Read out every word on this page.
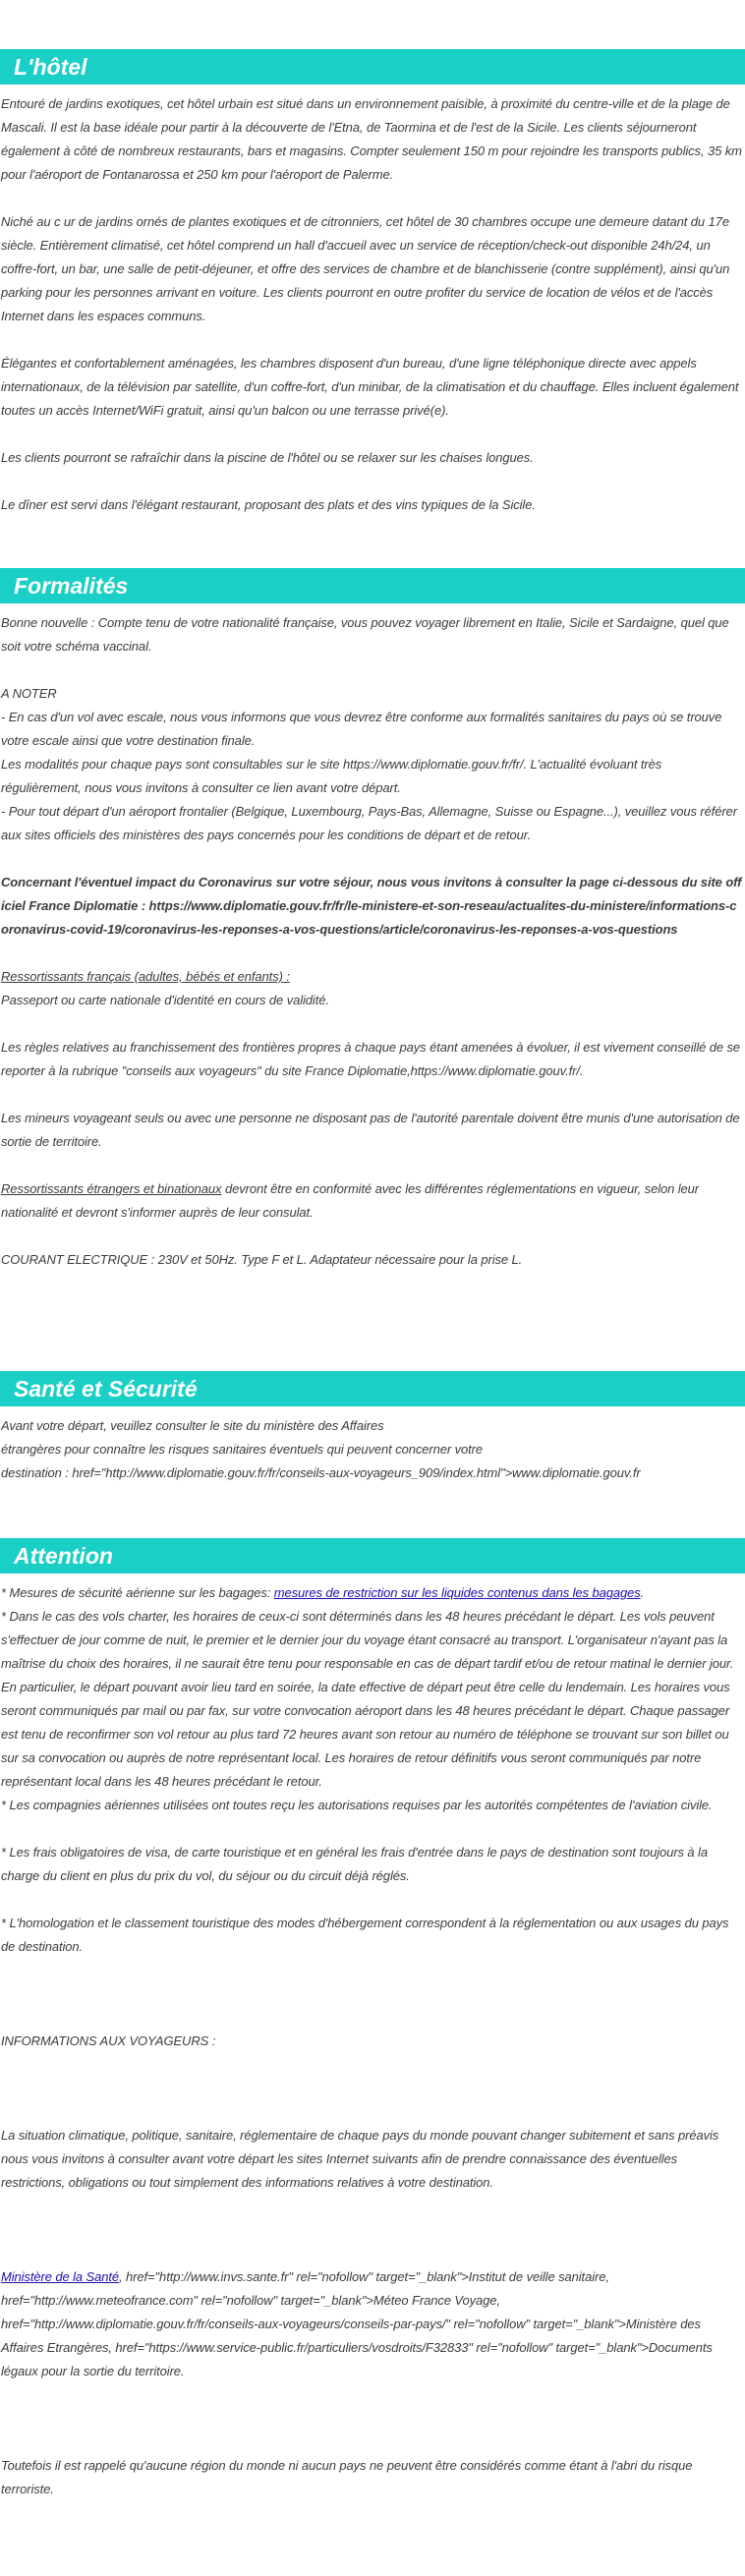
L'hôtel

Entouré de jardins exotiques, cet hôtel urbain est situé dans un environnement paisible, à proximité du centre-ville et de la plage de Mascali. Il est la base idéale pour partir à la découverte de l'Etna, de Taormina et de l'est de la Sicile. Les clients séjourneront également à côté de nombreux restaurants, bars et magasins. Compter seulement 150 m pour rejoindre les transports publics, 35 km pour l'aéroport de Fontanarossa et 250 km pour l'aéroport de Palerme.

Niché au c ur de jardins ornés de plantes exotiques et de citronniers, cet hôtel de 30 chambres occupe une demeure datant du 17e siècle. Entièrement climatisé, cet hôtel comprend un hall d'accueil avec un service de réception/check-out disponible 24h/24, un coffre-fort, un bar, une salle de petit-déjeuner, et offre des services de chambre et de blanchisserie (contre supplément), ainsi qu'un parking pour les personnes arrivant en voiture. Les clients pourront en outre profiter du service de location de vélos et de l'accès Internet dans les espaces communs.

Élégantes et confortablement aménagées, les chambres disposent d'un bureau, d'une ligne téléphonique directe avec appels internationaux, de la télévision par satellite, d'un coffre-fort, d'un minibar, de la climatisation et du chauffage. Elles incluent également toutes un accès Internet/WiFi gratuit, ainsi qu'un balcon ou une terrasse privé(e).

Les clients pourront se rafraîchir dans la piscine de l'hôtel ou se relaxer sur les chaises longues.

Le dîner est servi dans l'élégant restaurant, proposant des plats et des vins typiques de la Sicile.

Formalités

Bonne nouvelle : Compte tenu de votre nationalité française, vous pouvez voyager librement en Italie, Sicile et Sardaigne, quel que soit votre schéma vaccinal.

A NOTER
- En cas d'un vol avec escale, nous vous informons que vous devrez être conforme aux formalités sanitaires du pays où se trouve votre escale ainsi que votre destination finale.
Les modalités pour chaque pays sont consultables sur le site https://www.diplomatie.gouv.fr/fr/. L'actualité évoluant très régulièrement, nous vous invitons à consulter ce lien avant votre départ.
- Pour tout départ d'un aéroport frontalier (Belgique, Luxembourg, Pays-Bas, Allemagne, Suisse ou Espagne...), veuillez vous référer aux sites officiels des ministères des pays concernés pour les conditions de départ et de retour.

Concernant l'éventuel impact du Coronavirus sur votre séjour, nous vous invitons à consulter la page ci-dessous du site officiel France Diplomatie : https://www.diplomatie.gouv.fr/fr/le-ministere-et-son-reseau/actualites-du-ministere/informations-coronavirus-covid-19/coronavirus-les-reponses-a-vos-questions/article/coronavirus-les-reponses-a-vos-questions

Ressortissants français (adultes, bébés et enfants) :
Passeport ou carte nationale d'identité en cours de validité.

Les règles relatives au franchissement des frontières propres à chaque pays étant amenées à évoluer, il est vivement conseillé de se reporter à la rubrique "conseils aux voyageurs" du site France Diplomatie,https://www.diplomatie.gouv.fr/.

Les mineurs voyageant seuls ou avec une personne ne disposant pas de l'autorité parentale doivent être munis d'une autorisation de sortie de territoire.

Ressortissants étrangers et binationaux devront être en conformité avec les différentes réglementations en vigueur, selon leur nationalité et devront s'informer auprès de leur consulat.

COURANT ELECTRIQUE : 230V et 50Hz. Type F et L. Adaptateur nécessaire pour la prise L.

Santé et Sécurité
Avant votre départ, veuillez consulter le site du ministère des Affaires
étrangères pour connaître les risques sanitaires éventuels qui peuvent concerner votre
destination : href="http://www.diplomatie.gouv.fr/fr/conseils-aux-voyageurs_909/index.html">www.diplomatie.gouv.fr
Attention

* Mesures de sécurité aérienne sur les bagages: mesures de restriction sur les liquides contenus dans les bagages.

* Dans le cas des vols charter, les horaires de ceux-ci sont déterminés dans les 48 heures précédant le départ. Les vols peuvent s'effectuer de jour comme de nuit, le premier et le dernier jour du voyage étant consacré au transport. L'organisateur n'ayant pas la maîtrise du choix des horaires, il ne saurait être tenu pour responsable en cas de départ tardif et/ou de retour matinal le dernier jour. En particulier, le départ pouvant avoir lieu tard en soirée, la date effective de départ peut être celle du lendemain. Les horaires vous seront communiqués par mail ou par fax, sur votre convocation aéroport dans les 48 heures précédant le départ. Chaque passager est tenu de reconfirmer son vol retour au plus tard 72 heures avant son retour au numéro de téléphone se trouvant sur son billet ou sur sa convocation ou auprès de notre représentant local. Les horaires de retour définitifs vous seront communiqués par notre représentant local dans les 48 heures précédant le retour.
* Les compagnies aériennes utilisées ont toutes reçu les autorisations requises par les autorités compétentes de l'aviation civile.

* Les frais obligatoires de visa, de carte touristique et en général les frais d'entrée dans le pays de destination sont toujours à la charge du client en plus du prix du vol, du séjour ou du circuit déjà réglés.

* L'homologation et le classement touristique des modes d'hébergement correspondent à la réglementation ou aux usages du pays de destination.

INFORMATIONS AUX VOYAGEURS :

La situation climatique, politique, sanitaire, réglementaire de chaque pays du monde pouvant changer subitement et sans préavis
nous vous invitons à consulter avant votre départ les sites Internet suivants afin de prendre connaissance des éventuelles restrictions, obligations ou tout simplement des informations relatives à votre destination.

Ministère de la Santé, href="http://www.invs.sante.fr" rel="nofollow" target="_blank">Institut de veille sanitaire, href="http://www.meteofrance.com" rel="nofollow" target="_blank">Méteo France Voyage, href="http://www.diplomatie.gouv.fr/fr/conseils-aux-voyageurs/conseils-par-pays/" rel="nofollow" target="_blank">Ministère des Affaires Etrangères, href="https://www.service-public.fr/particuliers/vosdroits/F32833" rel="nofollow" target="_blank">Documents légaux pour la sortie du territoire.

Toutefois il est rappelé qu'aucune région du monde ni aucun pays ne peuvent être considérés comme étant à l'abri du risque terroriste.
